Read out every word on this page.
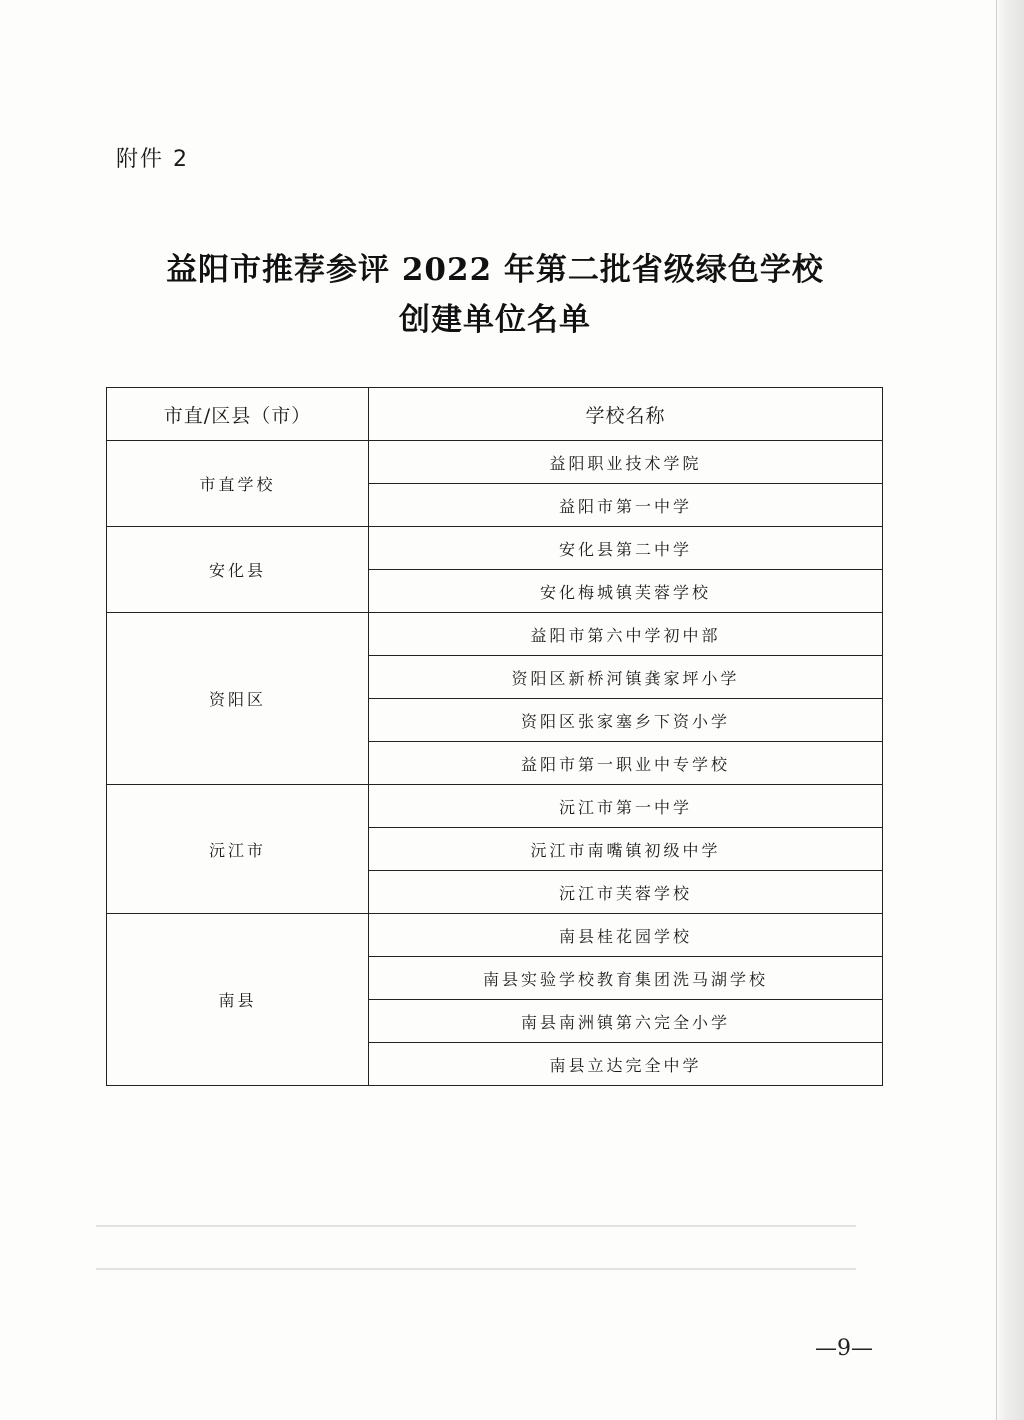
附件 2
益阳市推荐参评 2022 年第二批省级绿色学校
创建单位名单
市直/区县（市）	学校名称
市直学校	益阳职业技术学院
	益阳市第一中学
安化县	安化县第二中学
	安化梅城镇芙蓉学校
资阳区	益阳市第六中学初中部
	资阳区新桥河镇龚家坪小学
	资阳区张家塞乡下资小学
	益阳市第一职业中专学校
沅江市	沅江市第一中学
	沅江市南嘴镇初级中学
	沅江市芙蓉学校
南县	南县桂花园学校
	南县实验学校教育集团洗马湖学校
	南县南洲镇第六完全小学
	南县立达完全中学
—9—
